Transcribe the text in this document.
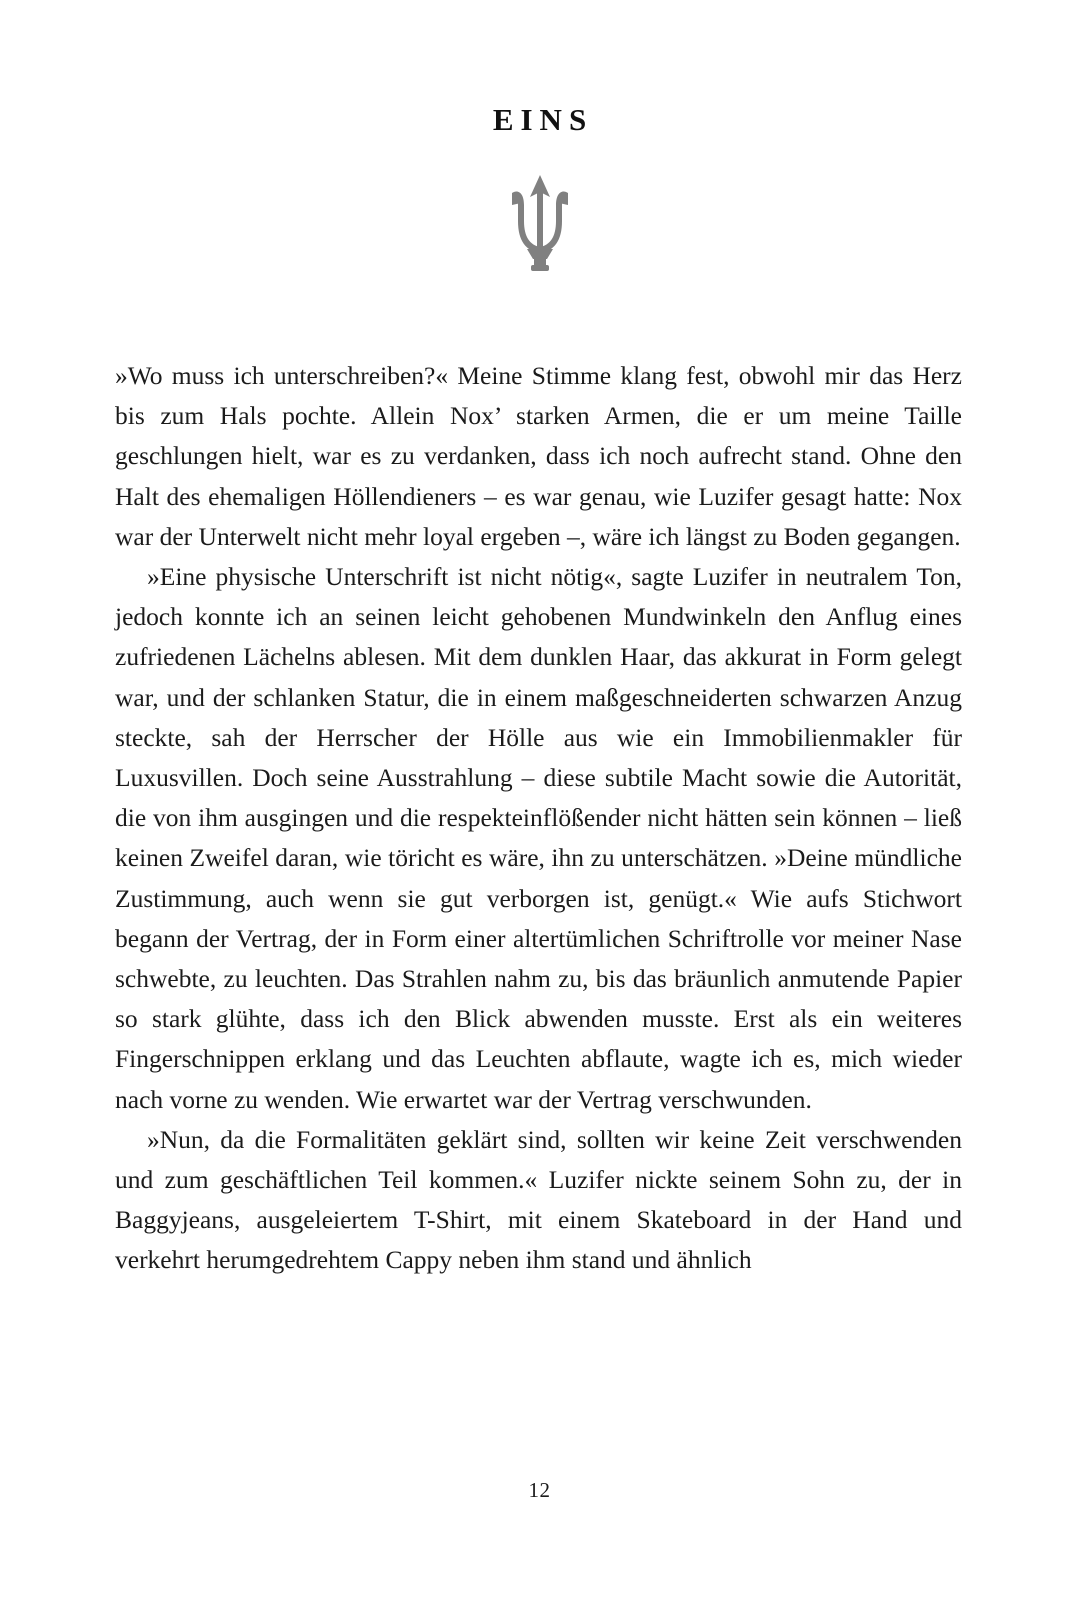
EINS

»Wo muss ich unterschreiben?« Meine Stimme klang fest, obwohl mir das Herz bis zum Hals pochte. Allein Nox’ starken Armen, die er um meine Taille geschlungen hielt, war es zu verdanken, dass ich noch aufrecht stand. Ohne den Halt des ehemaligen Höllendieners – es war genau, wie Luzifer gesagt hatte: Nox war der Unterwelt nicht mehr loyal ergeben –, wäre ich längst zu Boden gegangen.

»Eine physische Unterschrift ist nicht nötig«, sagte Luzifer in neutralem Ton, jedoch konnte ich an seinen leicht gehobenen Mundwinkeln den Anflug eines zufriedenen Lächelns ablesen. Mit dem dunklen Haar, das akkurat in Form gelegt war, und der schlanken Statur, die in einem maßgeschneiderten schwarzen Anzug steckte, sah der Herrscher der Hölle aus wie ein Immobilienmakler für Luxusvillen. Doch seine Ausstrahlung – diese subtile Macht sowie die Autorität, die von ihm ausgingen und die respekteinflößender nicht hätten sein können – ließ keinen Zweifel daran, wie töricht es wäre, ihn zu unterschätzen. »Deine mündliche Zustimmung, auch wenn sie gut verborgen ist, genügt.« Wie aufs Stichwort begann der Vertrag, der in Form einer altertümlichen Schriftrolle vor meiner Nase schwebte, zu leuchten. Das Strahlen nahm zu, bis das bräunlich anmutende Papier so stark glühte, dass ich den Blick abwenden musste. Erst als ein weiteres Fingerschnippen erklang und das Leuchten abflaute, wagte ich es, mich wieder nach vorne zu wenden. Wie erwartet war der Vertrag verschwunden.

»Nun, da die Formalitäten geklärt sind, sollten wir keine Zeit verschwenden und zum geschäftlichen Teil kommen.« Luzifer nickte seinem Sohn zu, der in Baggyjeans, ausgeleiertem T-Shirt, mit einem Skateboard in der Hand und verkehrt herumgedrehtem Cappy neben ihm stand und ähnlich

12
